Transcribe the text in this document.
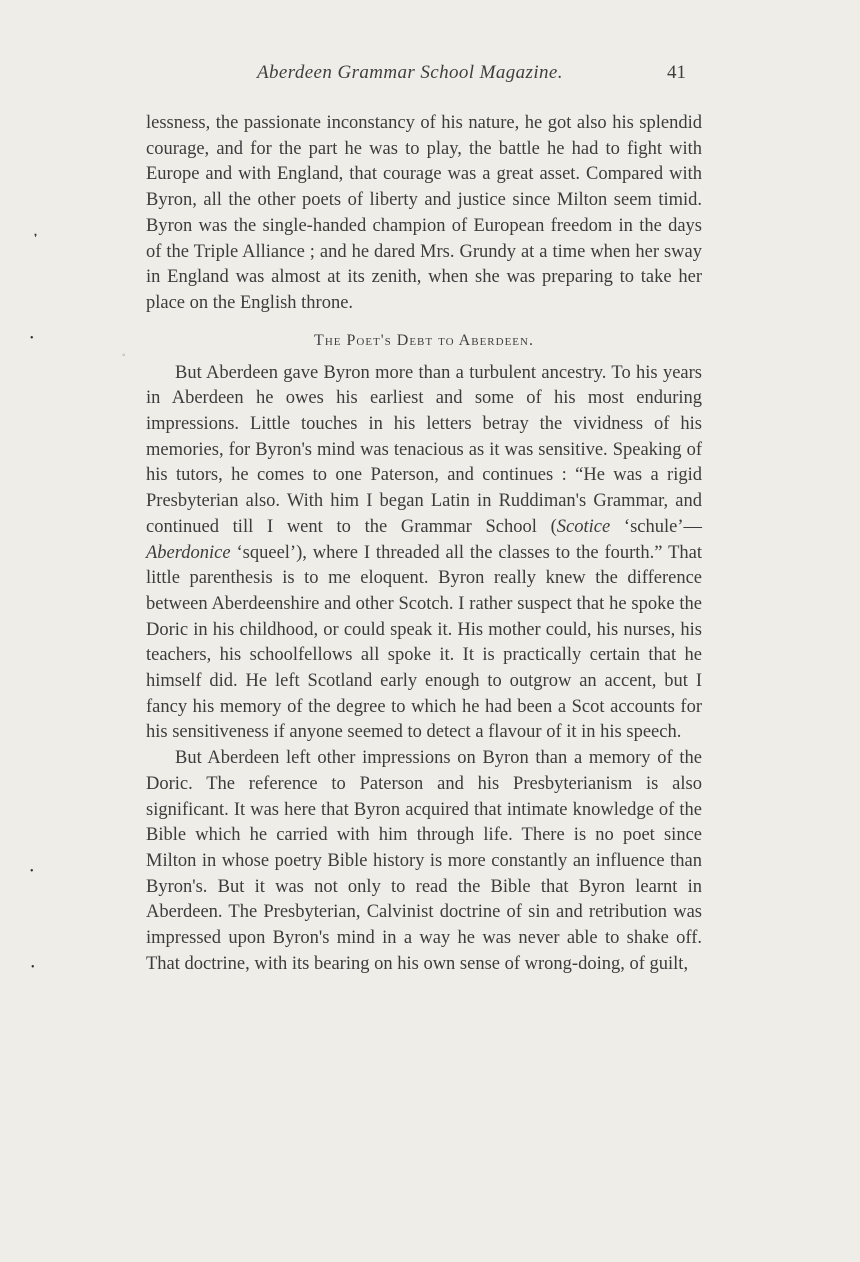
Aberdeen Grammar School Magazine.	41

lessness, the passionate inconstancy of his nature, he got also his splendid courage, and for the part he was to play, the battle he had to fight with Europe and with England, that courage was a great asset. Compared with Byron, all the other poets of liberty and justice since Milton seem timid. Byron was the single-handed champion of European freedom in the days of the Triple Alliance ; and he dared Mrs. Grundy at a time when her sway in England was almost at its zenith, when she was preparing to take her place on the English throne.

The Poet's Debt to Aberdeen.

But Aberdeen gave Byron more than a turbulent ancestry. To his years in Aberdeen he owes his earliest and some of his most enduring impressions. Little touches in his letters betray the vividness of his memories, for Byron's mind was tenacious as it was sensitive. Speaking of his tutors, he comes to one Paterson, and continues : “He was a rigid Presbyterian also. With him I began Latin in Ruddiman's Grammar, and continued till I went to the Grammar School (Scotice ‘schule’—Aberdonice ‘squeel’), where I threaded all the classes to the fourth.” That little parenthesis is to me eloquent. Byron really knew the difference between Aberdeenshire and other Scotch. I rather suspect that he spoke the Doric in his childhood, or could speak it. His mother could, his nurses, his teachers, his schoolfellows all spoke it. It is practically certain that he himself did. He left Scotland early enough to outgrow an accent, but I fancy his memory of the degree to which he had been a Scot accounts for his sensitiveness if anyone seemed to detect a flavour of it in his speech.

But Aberdeen left other impressions on Byron than a memory of the Doric. The reference to Paterson and his Presbyterianism is also significant. It was here that Byron acquired that intimate knowledge of the Bible which he carried with him through life. There is no poet since Milton in whose poetry Bible history is more constantly an influence than Byron's. But it was not only to read the Bible that Byron learnt in Aberdeen. The Presbyterian, Calvinist doctrine of sin and retribution was impressed upon Byron's mind in a way he was never able to shake off. That doctrine, with its bearing on his own sense of wrong-doing, of guilt,

❜
•
◦
•
•
